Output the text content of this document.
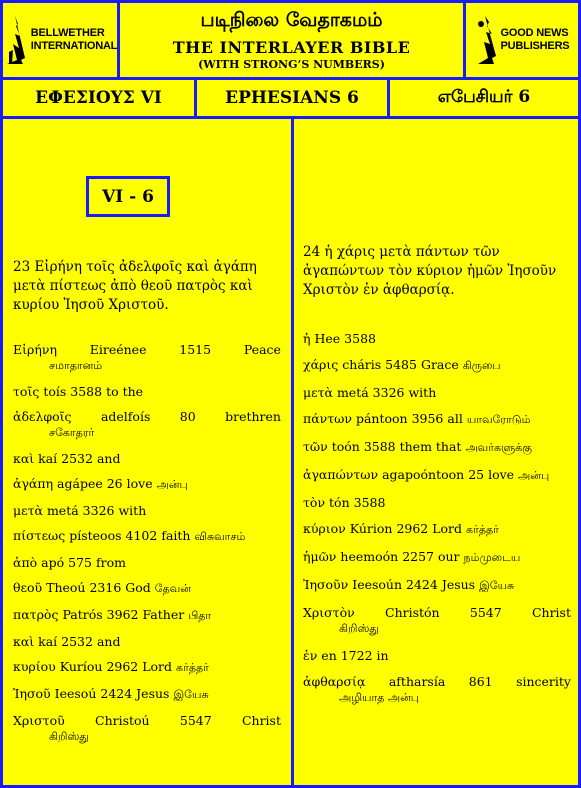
BELLWETHER
INTERNATIONAL
படிநிலை வேதாகமம்
THE INTERLAYER BIBLE
(WITH STRONG’S NUMBERS)
GOOD NEWS
PUBLISHERS
ΕΦΕΣΙΟΥΣ VI	EPHESIANS 6	எபேசியர் 6
VI - 6
23 Εἰρήνη τοῖς ἀδελφοῖς καὶ ἀγάπη μετὰ πίστεως ἀπὸ θεοῦ πατρὸς καὶ κυρίου Ἰησοῦ Χριστοῦ.
Εἰρήνη	Eireénee	1515	Peace
சமாதானம்
τοῖς toís 3588 to the
ἀδελφοῖς adelfoís 80 brethren
சகோதரர்
καὶ kaí 2532 and
ἀγάπη agápee 26 love அன்பு
μετὰ metá 3326 with
πίστεως písteoos 4102 faith விசுவாசம்
ἀπὸ apó 575 from
θεοῦ Theoú 2316 God தேவன்
πατρὸς Patrós 3962 Father பிதா
καὶ kaí 2532 and
κυρίου Kuríou 2962 Lord கர்த்தர்
Ἰησοῦ Ieesoú 2424 Jesus இயேசு
Χριστοῦ Christoú 5547 Christ
கிறிஸ்து
24 ἡ χάρις μετὰ πάντων τῶν ἀγαπώντων τὸν κύριον ἡμῶν Ἰησοῦν Χριστὸν ἐν ἀφθαρσίᾳ.
ἡ Hee 3588
χάρις cháris 5485 Grace கிருபை
μετὰ metá 3326 with
πάντων pántoon 3956 all யாவரோடும்
τῶν toón 3588 them that அவர்களுக்கு
ἀγαπώντων agapoóntoon 25 love அன்பு
τὸν tón 3588
κύριον Kúrion 2962 Lord கர்த்தர்
ἡμῶν heemoón 2257 our நம்முடைய
Ἰησοῦν Ieesoún 2424 Jesus இயேசு
Χριστὸν Christón 5547 Christ
கிறிஸ்து
ἐν en 1722 in
ἀφθαρσίᾳ aftharsía 861 sincerity
அழியாத அன்பு
